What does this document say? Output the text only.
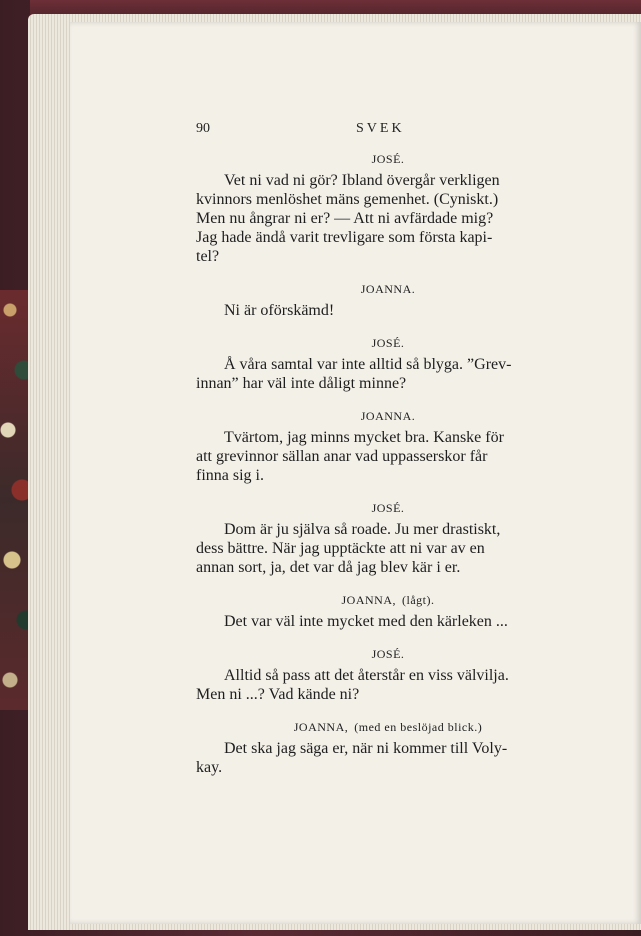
90	SVEK
JOSÉ.
Vet ni vad ni gör? Ibland övergår verkligen
kvinnors menlöshet mäns gemenhet. (Cyniskt.)
Men nu ångrar ni er? — Att ni avfärdade mig?
Jag hade ändå varit trevligare som första kapi-
tel?
JOANNA.
Ni är oförskämd!
JOSÉ.
Å våra samtal var inte alltid så blyga. ”Grev-
innan” har väl inte dåligt minne?
JOANNA.
Tvärtom, jag minns mycket bra. Kanske för
att grevinnor sällan anar vad uppasserskor får
finna sig i.
JOSÉ.
Dom är ju själva så roade. Ju mer drastiskt,
dess bättre. När jag upptäckte att ni var av en
annan sort, ja, det var då jag blev kär i er.
JOANNA, (lågt).
Det var väl inte mycket med den kärleken ...
JOSÉ.
Alltid så pass att det återstår en viss välvilja.
Men ni ...? Vad kände ni?
JOANNA, (med en beslöjad blick.)
Det ska jag säga er, när ni kommer till Voly-
kay.
